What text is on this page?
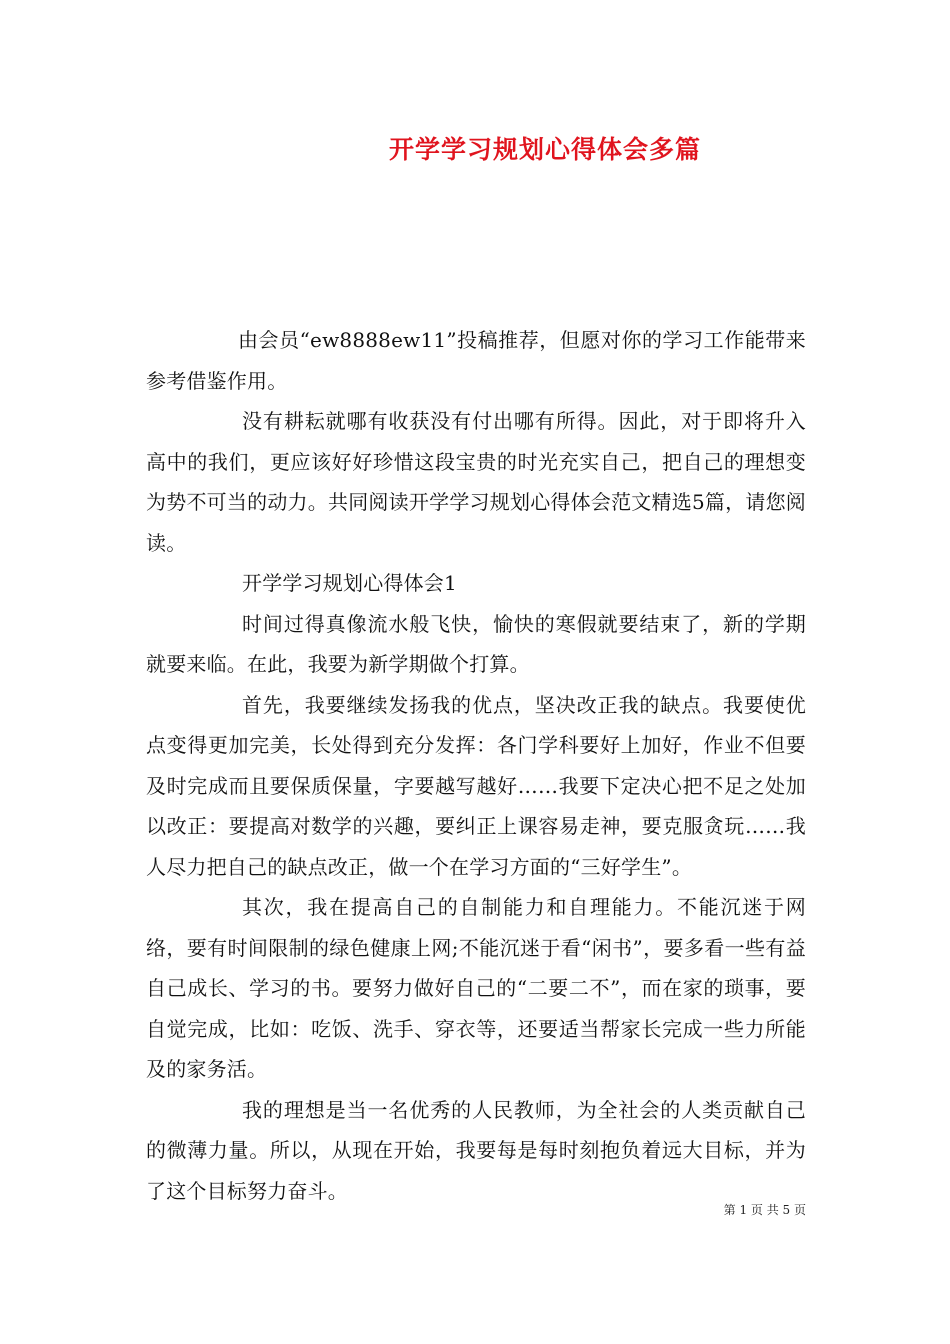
开学学习规划心得体会多篇

由会员“ew8888ew11”投稿推荐，但愿对你的学习工作能带来参考借鉴作用。

没有耕耘就哪有收获没有付出哪有所得。因此，对于即将升入高中的我们，更应该好好珍惜这段宝贵的时光充实自己，把自己的理想变为势不可当的动力。共同阅读开学学习规划心得体会范文精选5篇，请您阅读。

开学学习规划心得体会1

时间过得真像流水般飞快，愉快的寒假就要结束了，新的学期就要来临。在此，我要为新学期做个打算。

首先，我要继续发扬我的优点，坚决改正我的缺点。我要使优点变得更加完美，长处得到充分发挥：各门学科要好上加好，作业不但要及时完成而且要保质保量，字要越写越好……我要下定决心把不足之处加以改正：要提高对数学的兴趣，要纠正上课容易走神，要克服贪玩……我人尽力把自己的缺点改正，做一个在学习方面的“三好学生”。

其次，我在提高自己的自制能力和自理能力。不能沉迷于网络，要有时间限制的绿色健康上网;不能沉迷于看“闲书”，要多看一些有益自己成长、学习的书。要努力做好自己的“二要二不”，而在家的琐事，要自觉完成，比如：吃饭、洗手、穿衣等，还要适当帮家长完成一些力所能及的家务活。

我的理想是当一名优秀的人民教师，为全社会的人类贡献自己的微薄力量。所以，从现在开始，我要每是每时刻抱负着远大目标，并为了这个目标努力奋斗。

第 1 页 共 5 页
